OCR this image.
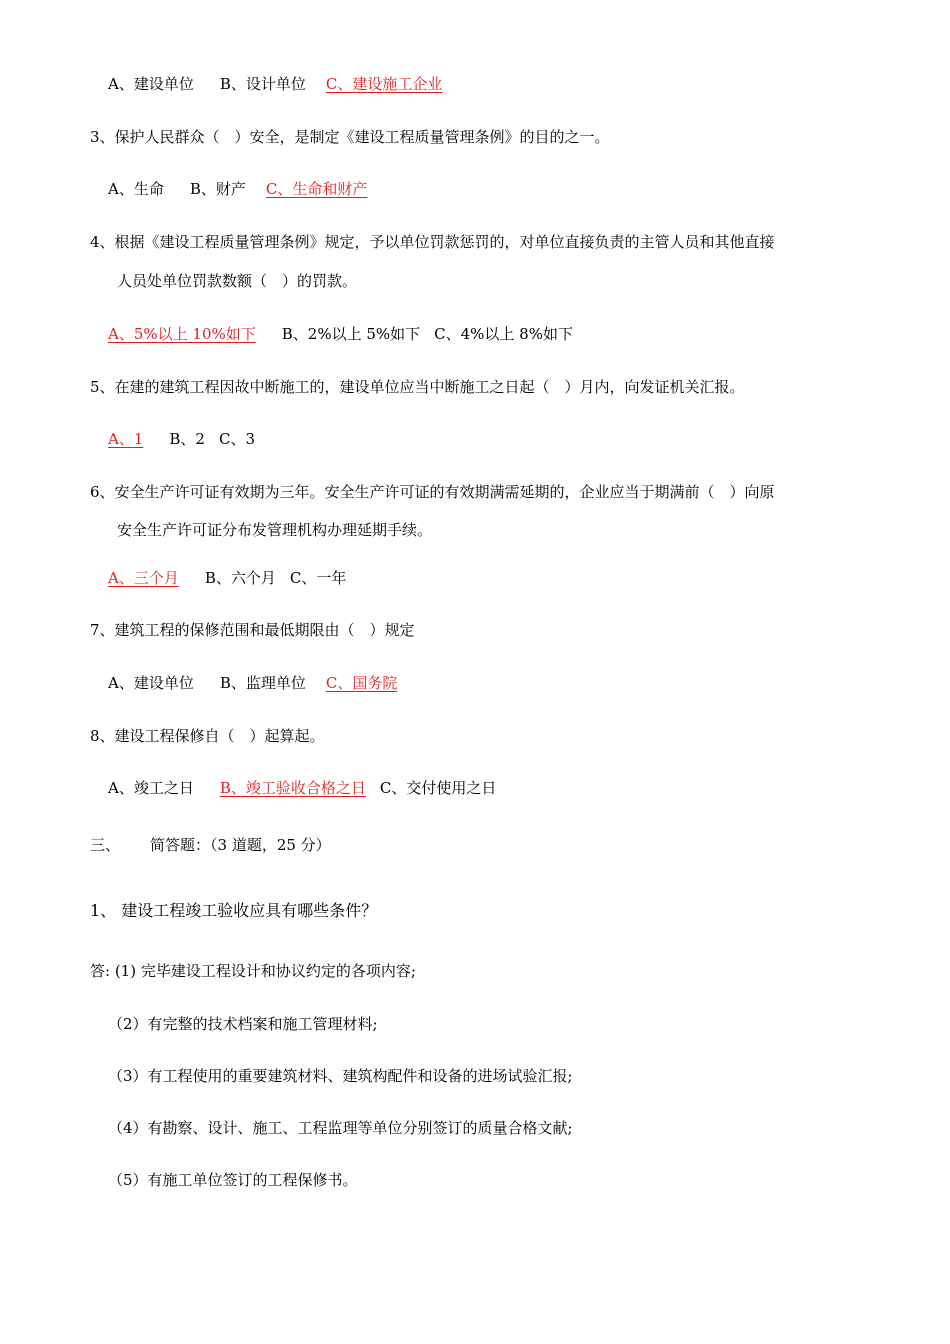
A、建设单位 B、设计单位 C、建设施工企业
3、保护人民群众（　）安全，是制定《建设工程质量管理条例》的目的之一。
A、生命 B、财产 C、生命和财产
4、根据《建设工程质量管理条例》规定，予以单位罚款惩罚的，对单位直接负责的主管人员和其他直接
人员处单位罚款数额（　）的罚款。
A、5%以上 10%如下 B、2%以上 5%如下 C、4%以上 8%如下
5、在建的建筑工程因故中断施工的，建设单位应当中断施工之日起（　）月内，向发证机关汇报。
A、1 B、2 C、3
6、安全生产许可证有效期为三年。安全生产许可证的有效期满需延期的，企业应当于期满前（　）向原
安全生产许可证分布发管理机构办理延期手续。
A、三个月 B、六个月 C、一年
7、建筑工程的保修范围和最低期限由（　）规定
A、建设单位 B、监理单位 C、国务院
8、建设工程保修自（　）起算起。
A、竣工之日 B、竣工验收合格之日 C、交付使用之日
三、 简答题：（3 道题，25 分）
1、 建设工程竣工验收应具有哪些条件？
答: (1) 完毕建设工程设计和协议约定的各项内容;
（2）有完整的技术档案和施工管理材料;
（3）有工程使用的重要建筑材料、建筑构配件和设备的进场试验汇报;
（4）有勘察、设计、施工、工程监理等单位分别签订的质量合格文献;
（5）有施工单位签订的工程保修书。
